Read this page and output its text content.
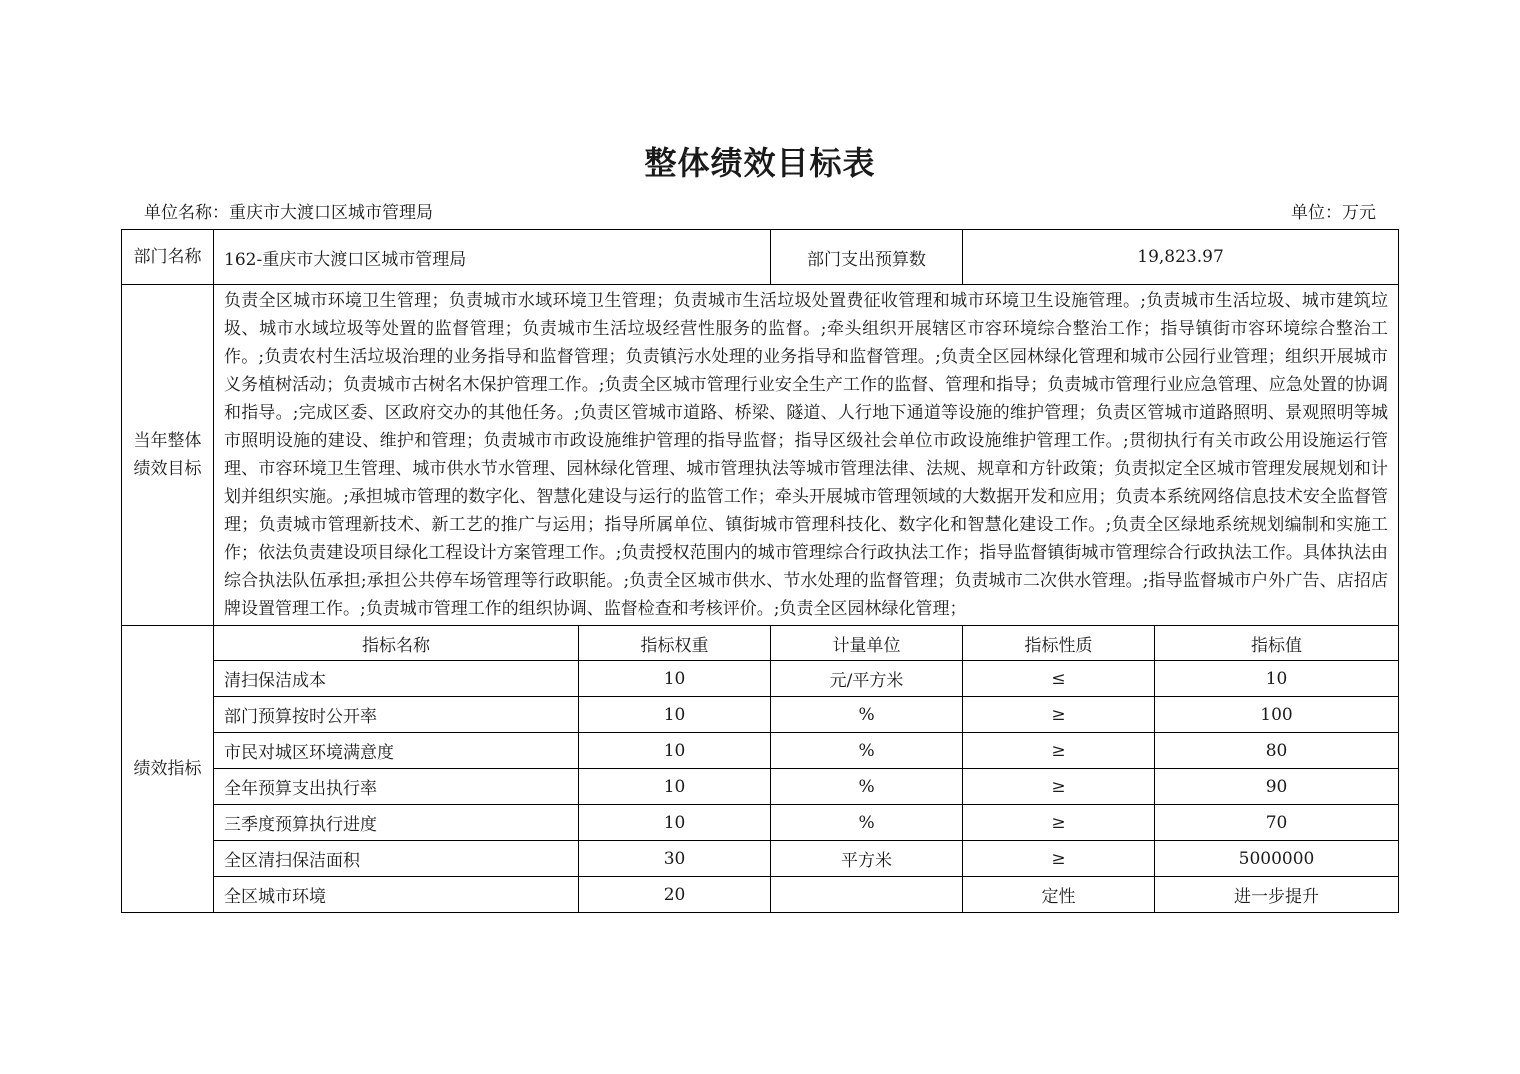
整体绩效目标表
单位名称：重庆市大渡口区城市管理局	单位：万元
部门名称	162-重庆市大渡口区城市管理局		部门支出预算数	19,823.97	
当年整体绩效目标	负责全区城市环境卫生管理；负责城市水域环境卫生管理；负责城市生活垃圾处置费征收管理和城市环境卫生设施管理。;负责城市生活垃圾、城市建筑垃圾、城市水域垃圾等处置的监督管理；负责城市生活垃圾经营性服务的监督。;牵头组织开展辖区市容环境综合整治工作；指导镇街市容环境综合整治工作。;负责农村生活垃圾治理的业务指导和监督管理；负责镇污水处理的业务指导和监督管理。;负责全区园林绿化管理和城市公园行业管理；组织开展城市义务植树活动；负责城市古树名木保护管理工作。;负责全区城市管理行业安全生产工作的监督、管理和指导；负责城市管理行业应急管理、应急处置的协调和指导。;完成区委、区政府交办的其他任务。;负责区管城市道路、桥梁、隧道、人行地下通道等设施的维护管理；负责区管城市道路照明、景观照明等城市照明设施的建设、维护和管理；负责城市市政设施维护管理的指导监督；指导区级社会单位市政设施维护管理工作。;贯彻执行有关市政公用设施运行管理、市容环境卫生管理、城市供水节水管理、园林绿化管理、城市管理执法等城市管理法律、法规、规章和方针政策；负责拟定全区城市管理发展规划和计划并组织实施。;承担城市管理的数字化、智慧化建设与运行的监管工作；牵头开展城市管理领域的大数据开发和应用；负责本系统网络信息技术安全监督管理；负责城市管理新技术、新工艺的推广与运用；指导所属单位、镇街城市管理科技化、数字化和智慧化建设工作。;负责全区绿地系统规划编制和实施工作；依法负责建设项目绿化工程设计方案管理工作。;负责授权范围内的城市管理综合行政执法工作；指导监督镇街城市管理综合行政执法工作。具体执法由综合执法队伍承担;承担公共停车场管理等行政职能。;负责全区城市供水、节水处理的监督管理；负责城市二次供水管理。;指导监督城市户外广告、店招店牌设置管理工作。;负责城市管理工作的组织协调、监督检查和考核评价。;负责全区园林绿化管理；				
绩效指标	指标名称	指标权重	计量单位	指标性质	指标值
	清扫保洁成本	10	元/平方米	≤	10
	部门预算按时公开率	10	%	≥	100
	市民对城区环境满意度	10	%	≥	80
	全年预算支出执行率	10	%	≥	90
	三季度预算执行进度	10	%	≥	70
	全区清扫保洁面积	30	平方米	≥	5000000
	全区城市环境	20		定性	进一步提升
